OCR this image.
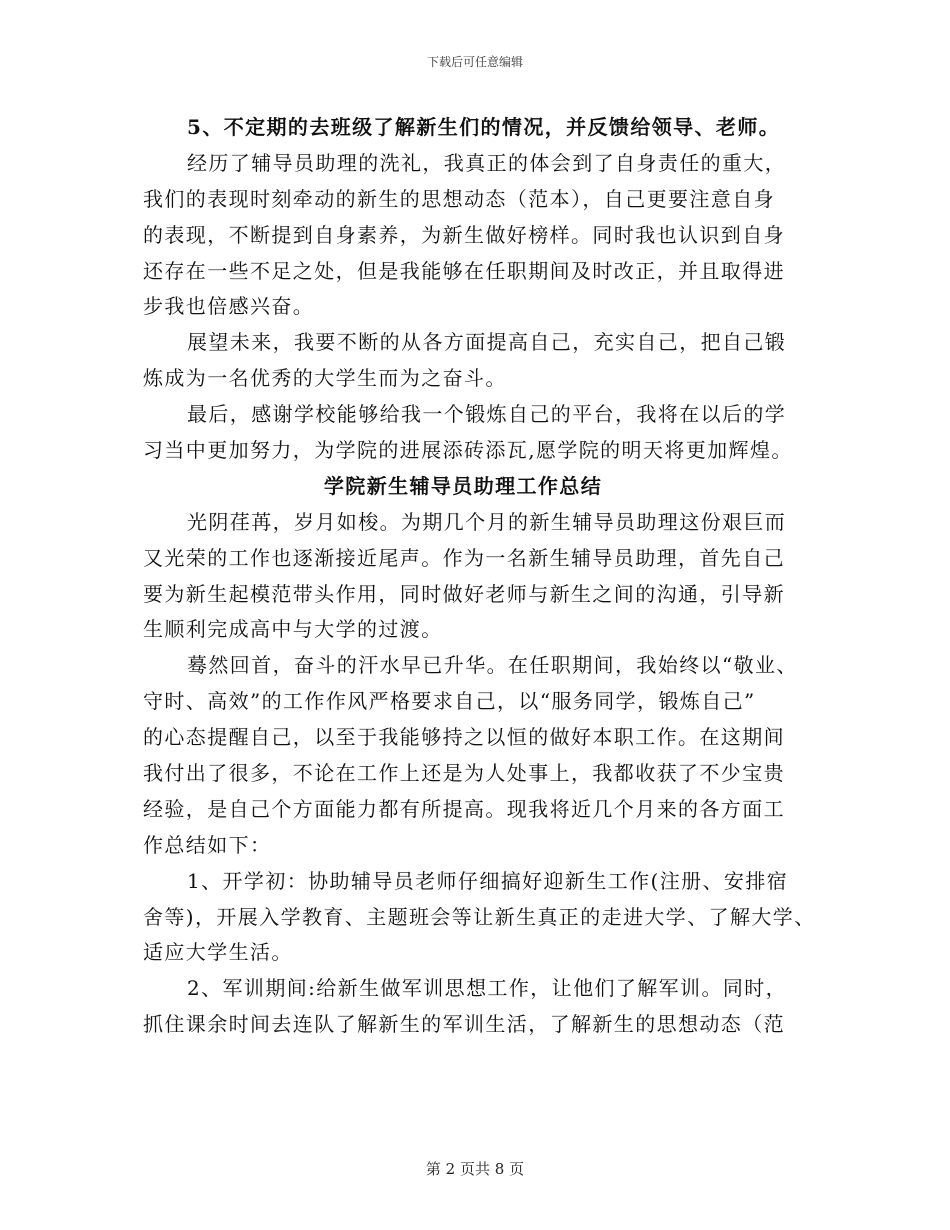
下载后可任意编辑
5、不定期的去班级了解新生们的情况，并反馈给领导、老师。
经历了辅导员助理的洗礼，我真正的体会到了自身责任的重大，
我们的表现时刻牵动的新生的思想动态（范本），自己更要注意自身
的表现，不断提到自身素养，为新生做好榜样。同时我也认识到自身
还存在一些不足之处，但是我能够在任职期间及时改正，并且取得进
步我也倍感兴奋。
展望未来，我要不断的从各方面提高自己，充实自己，把自己锻
炼成为一名优秀的大学生而为之奋斗。
最后，感谢学校能够给我一个锻炼自己的平台，我将在以后的学
习当中更加努力，为学院的进展添砖添瓦,愿学院的明天将更加辉煌。
学院新生辅导员助理工作总结
光阴荏苒，岁月如梭。为期几个月的新生辅导员助理这份艰巨而
又光荣的工作也逐渐接近尾声。作为一名新生辅导员助理，首先自己
要为新生起模范带头作用，同时做好老师与新生之间的沟通，引导新
生顺利完成高中与大学的过渡。
蓦然回首，奋斗的汗水早已升华。在任职期间，我始终以“敬业、
守时、高效”的工作作风严格要求自己，以“服务同学，锻炼自己”
的心态提醒自己，以至于我能够持之以恒的做好本职工作。在这期间
我付出了很多，不论在工作上还是为人处事上，我都收获了不少宝贵
经验，是自己个方面能力都有所提高。现我将近几个月来的各方面工
作总结如下：
1、开学初：协助辅导员老师仔细搞好迎新生工作(注册、安排宿
舍等)，开展入学教育、主题班会等让新生真正的走进大学、了解大学、
适应大学生活。
2、军训期间:给新生做军训思想工作，让他们了解军训。同时，
抓住课余时间去连队了解新生的军训生活，了解新生的思想动态（范
第 2 页共 8 页
